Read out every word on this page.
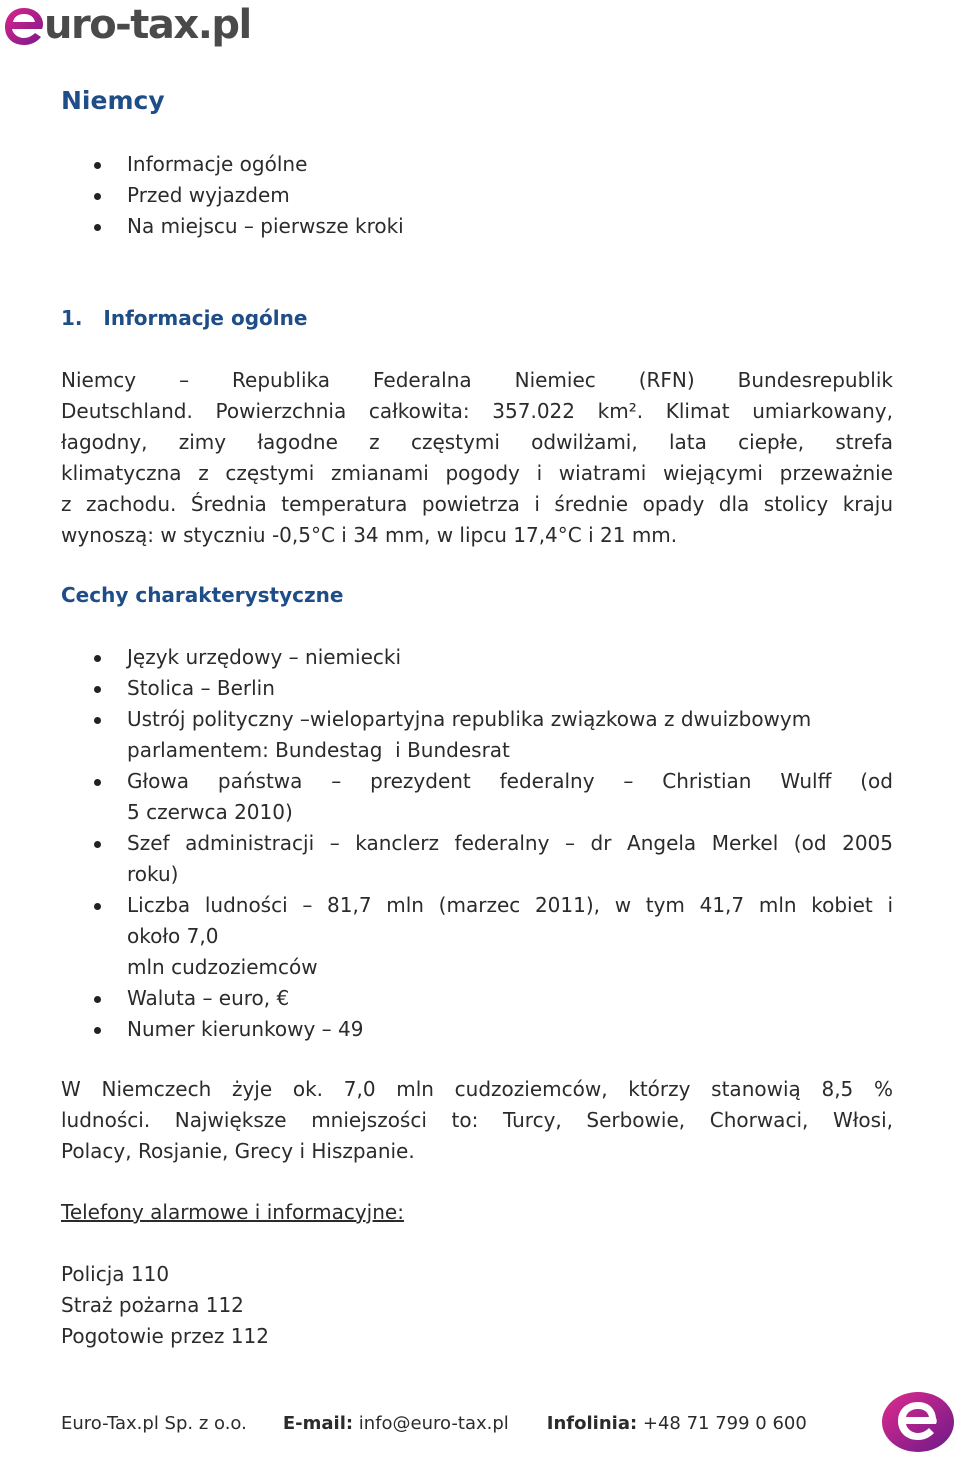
uro-tax.pl
Niemcy
Informacje ogólne
Przed wyjazdem
Na miejscu – pierwsze kroki
1.   Informacje ogólne
Niemcy – Republika Federalna Niemiec (RFN) Bundesrepublik
Deutschland. Powierzchnia całkowita: 357.022 km². Klimat umiarkowany,
łagodny, zimy łagodne z częstymi odwilżami, lata ciepłe, strefa
klimatyczna z częstymi zmianami pogody i wiatrami wiejącymi przeważnie
z zachodu. Średnia temperatura powietrza i średnie opady dla stolicy kraju
wynoszą: w styczniu -0,5°C i 34 mm, w lipcu 17,4°C i 21 mm.
Cechy charakterystyczne
Język urzędowy – niemiecki
Stolica – Berlin
Ustrój polityczny –wielopartyjna republika związkowa z dwuizbowym
parlamentem: Bundestag  i Bundesrat
Głowa państwa – prezydent federalny – Christian Wulff (od
5 czerwca 2010)
Szef administracji – kanclerz federalny – dr Angela Merkel (od 2005
roku)
Liczba ludności – 81,7 mln (marzec 2011), w tym 41,7 mln kobiet i
około 7,0
mln cudzoziemców
Waluta – euro, €
Numer kierunkowy – 49
W Niemczech żyje ok. 7,0 mln cudzoziemców, którzy stanowią 8,5 %
ludności. Największe mniejszości to: Turcy, Serbowie, Chorwaci, Włosi,
Polacy, Rosjanie, Grecy i Hiszpanie.
Telefony alarmowe i informacyjne:
Policja 110
Straż pożarna 112
Pogotowie przez 112
Euro-Tax.pl Sp. z o.o. E-mail: info@euro-tax.pl Infolinia: +48 71 799 0 600
